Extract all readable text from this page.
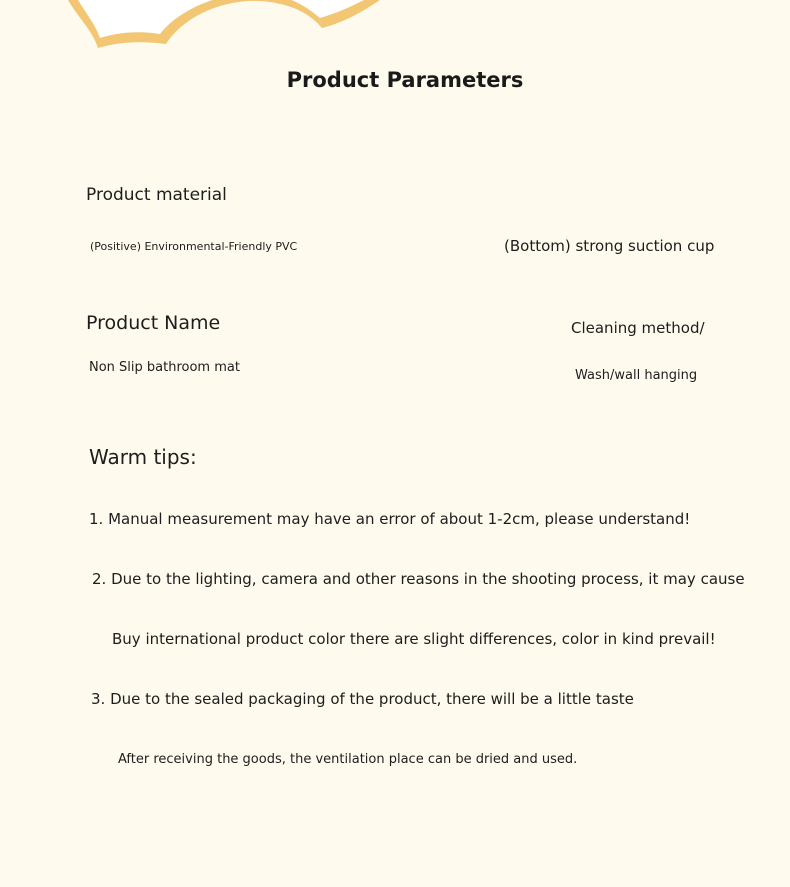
Product Parameters

Product material

(Positive) Environmental-Friendly PVC	(Bottom) strong suction cup

Product Name

Non Slip bathroom mat

Cleaning method/

Wash/wall hanging

Warm tips:

1. Manual measurement may have an error of about 1-2cm, please understand!

2. Due to the lighting, camera and other reasons in the shooting process, it may cause

Buy international product color there are slight differences, color in kind prevail!

3. Due to the sealed packaging of the product, there will be a little taste

After receiving the goods, the ventilation place can be dried and used.
